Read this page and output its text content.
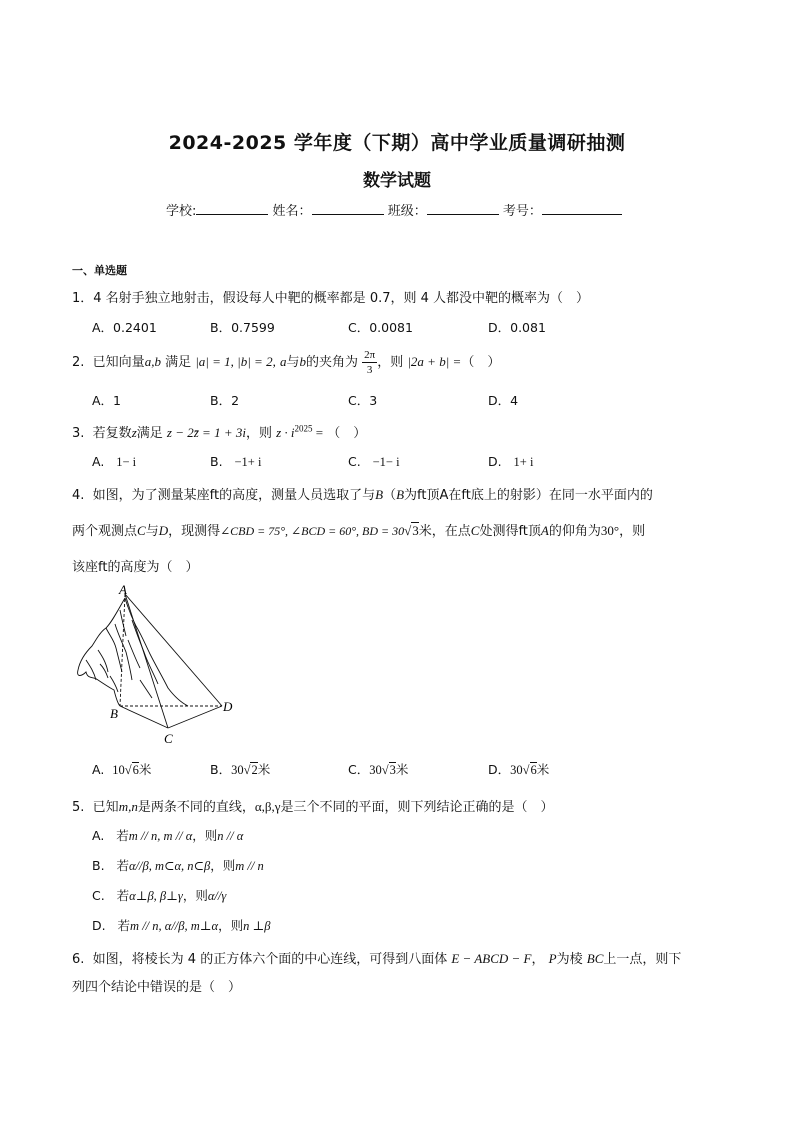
2024-2025 学年度（下期）高中学业质量调研抽测
数学试题
学校:	姓名：	班级：	考号：
一、单选题
1．4 名射手独立地射击，假设每人中靶的概率都是 0.7，则 4 人都没中靶的概率为（　）
A．0.2401	B．0.7599	C．0.0081	D．0.081
2. 已知向量a,b 满足 |a| = 1, |b| = 2, a与b的夹角为 $\frac{2\pi}{3}$ ，则 |2a + b| =（　）
A．1	B．2	C．3	D．4
3. 若复数z满足 z − 2z̄ = 1 + 3i，则 $z \cdot i^{2025}$ = （　）
A. 1− i	B. −1+ i	C. −1− i	D. 1+ i
4. 如图，为了测量某座ft的高度，测量人员选取了与B（B为ft顶A在ft底上的射影）在同一水平面内的
两个观测点C与D，现测得∠CBD = 75°, ∠BCD = 60°, BD = 30√3米，在点C处测得ft顶A的仰角为30°，则
该座ft的高度为（　）
A
B
C
D
A. 10√6米	B．30√2米	C．30√3米	D．30√6米
5. 已知m,n是两条不同的直线，α,β,γ是三个不同的平面，则下列结论正确的是（　）
A. 若m // n, m // α，则n // α
B. 若α//β, m⊂α, n⊂β，则m // n
C. 若α⊥β, β⊥γ，则α//γ
D. 若m // n, α//β, m⊥α，则n ⊥β
6. 如图，将棱长为 4 的正方体六个面的中心连线，可得到八面体 E − ABCD − F， P为棱 BC上一点，则下
列四个结论中错误的是（　）
